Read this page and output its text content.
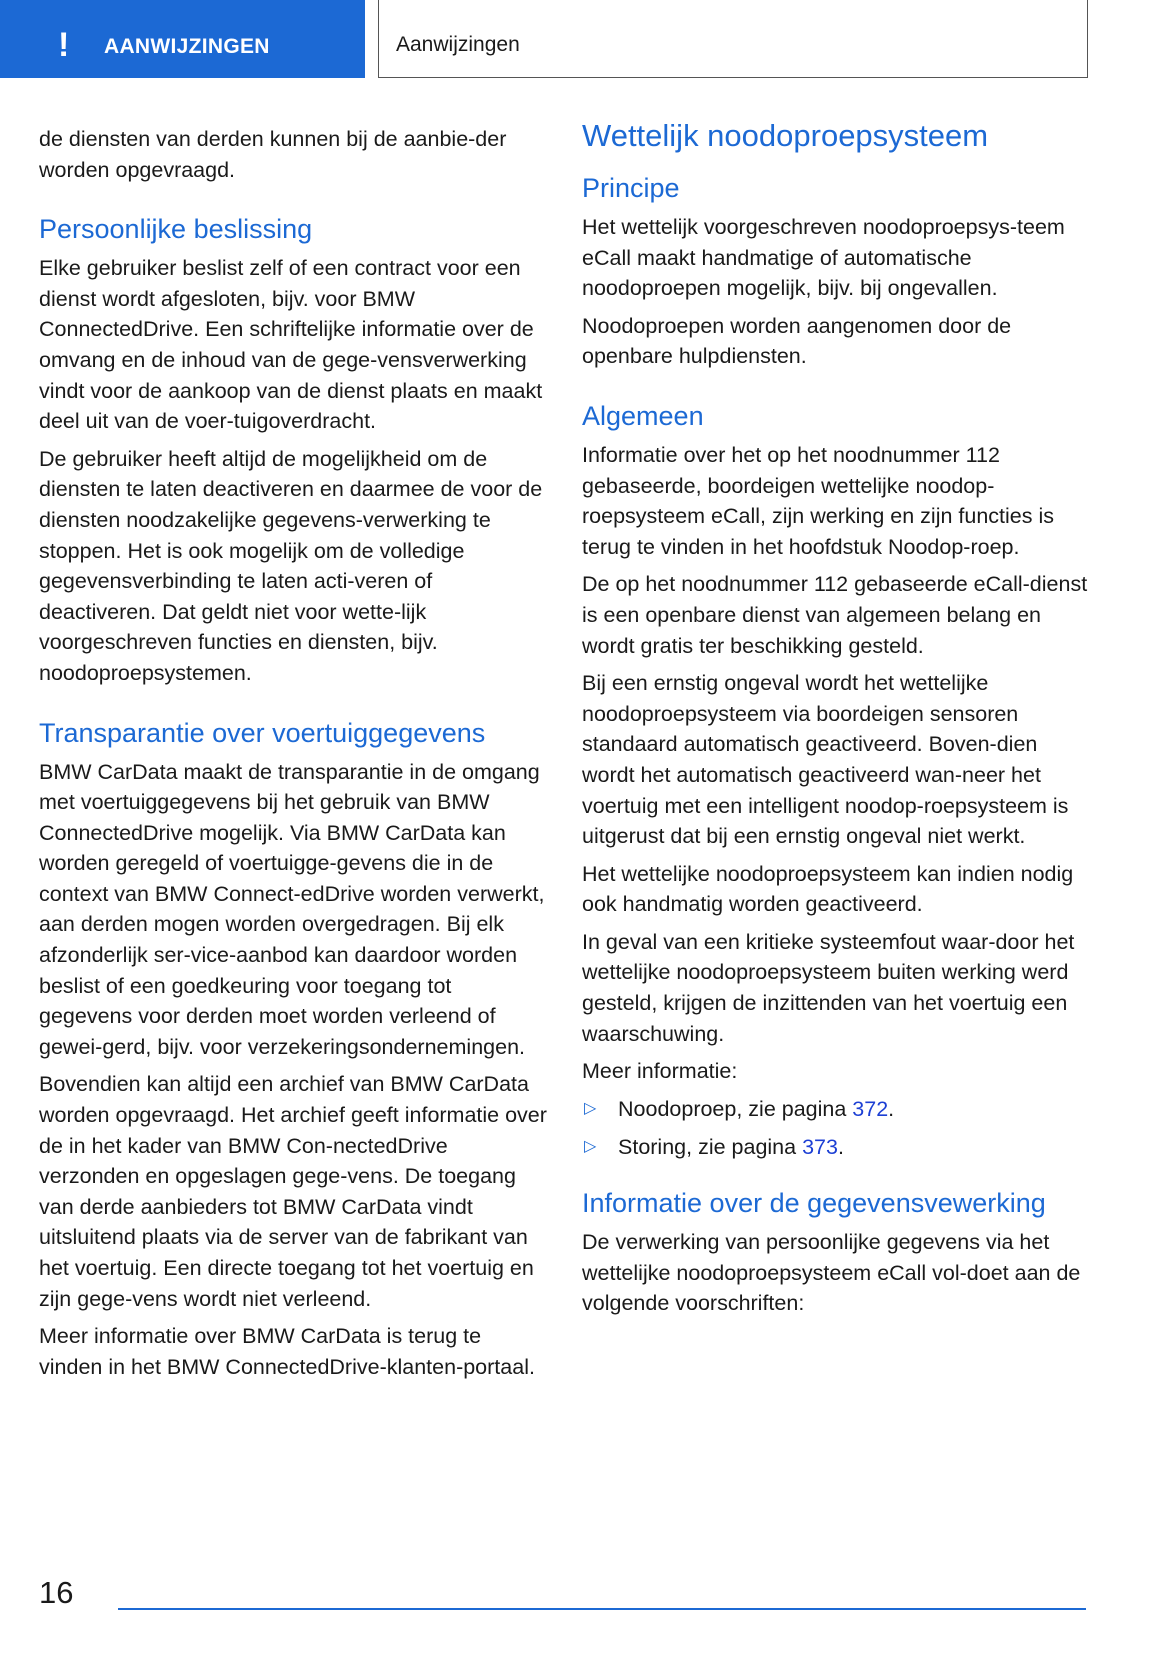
! AANWIJZINGEN	Aanwijzingen

de diensten van derden kunnen bij de aanbie-der worden opgevraagd.

Persoonlijke beslissing

Elke gebruiker beslist zelf of een contract voor een dienst wordt afgesloten, bijv. voor BMW ConnectedDrive. Een schriftelijke informatie over de omvang en de inhoud van de gege-vensverwerking vindt voor de aankoop van de dienst plaats en maakt deel uit van de voer-tuigoverdracht.

De gebruiker heeft altijd de mogelijkheid om de diensten te laten deactiveren en daarmee de voor de diensten noodzakelijke gegevens-verwerking te stoppen. Het is ook mogelijk om de volledige gegevensverbinding te laten acti-veren of deactiveren. Dat geldt niet voor wette-lijk voorgeschreven functies en diensten, bijv. noodoproepsystemen.

Transparantie over voertuiggegevens

BMW CarData maakt de transparantie in de omgang met voertuiggegevens bij het gebruik van BMW ConnectedDrive mogelijk. Via BMW CarData kan worden geregeld of voertuigge-gevens die in de context van BMW Connect-edDrive worden verwerkt, aan derden mogen worden overgedragen. Bij elk afzonderlijk ser-vice-aanbod kan daardoor worden beslist of een goedkeuring voor toegang tot gegevens voor derden moet worden verleend of gewei-gerd, bijv. voor verzekeringsondernemingen.

Bovendien kan altijd een archief van BMW CarData worden opgevraagd. Het archief geeft informatie over de in het kader van BMW Con-nectedDrive verzonden en opgeslagen gege-vens. De toegang van derde aanbieders tot BMW CarData vindt uitsluitend plaats via de server van de fabrikant van het voertuig. Een directe toegang tot het voertuig en zijn gege-vens wordt niet verleend.

Meer informatie over BMW CarData is terug te vinden in het BMW ConnectedDrive-klanten-portaal.

Wettelijk noodoproepsysteem
Principe

Het wettelijk voorgeschreven noodoproepsys-teem eCall maakt handmatige of automatische noodoproepen mogelijk, bijv. bij ongevallen.

Noodoproepen worden aangenomen door de openbare hulpdiensten.

Algemeen

Informatie over het op het noodnummer 112 gebaseerde, boordeigen wettelijke noodop-roepsysteem eCall, zijn werking en zijn functies is terug te vinden in het hoofdstuk Noodop-roep.

De op het noodnummer 112 gebaseerde eCall-dienst is een openbare dienst van algemeen belang en wordt gratis ter beschikking gesteld.

Bij een ernstig ongeval wordt het wettelijke noodoproepsysteem via boordeigen sensoren standaard automatisch geactiveerd. Boven-dien wordt het automatisch geactiveerd wan-neer het voertuig met een intelligent noodop-roepsysteem is uitgerust dat bij een ernstig ongeval niet werkt.

Het wettelijke noodoproepsysteem kan indien nodig ook handmatig worden geactiveerd.

In geval van een kritieke systeemfout waar-door het wettelijke noodoproepsysteem buiten werking werd gesteld, krijgen de inzittenden van het voertuig een waarschuwing.

Meer informatie:

▷ Noodoproep, zie pagina 372.
▷ Storing, zie pagina 373.
Informatie over de gegevensvewerking

De verwerking van persoonlijke gegevens via het wettelijke noodoproepsysteem eCall vol-doet aan de volgende voorschriften:

16
